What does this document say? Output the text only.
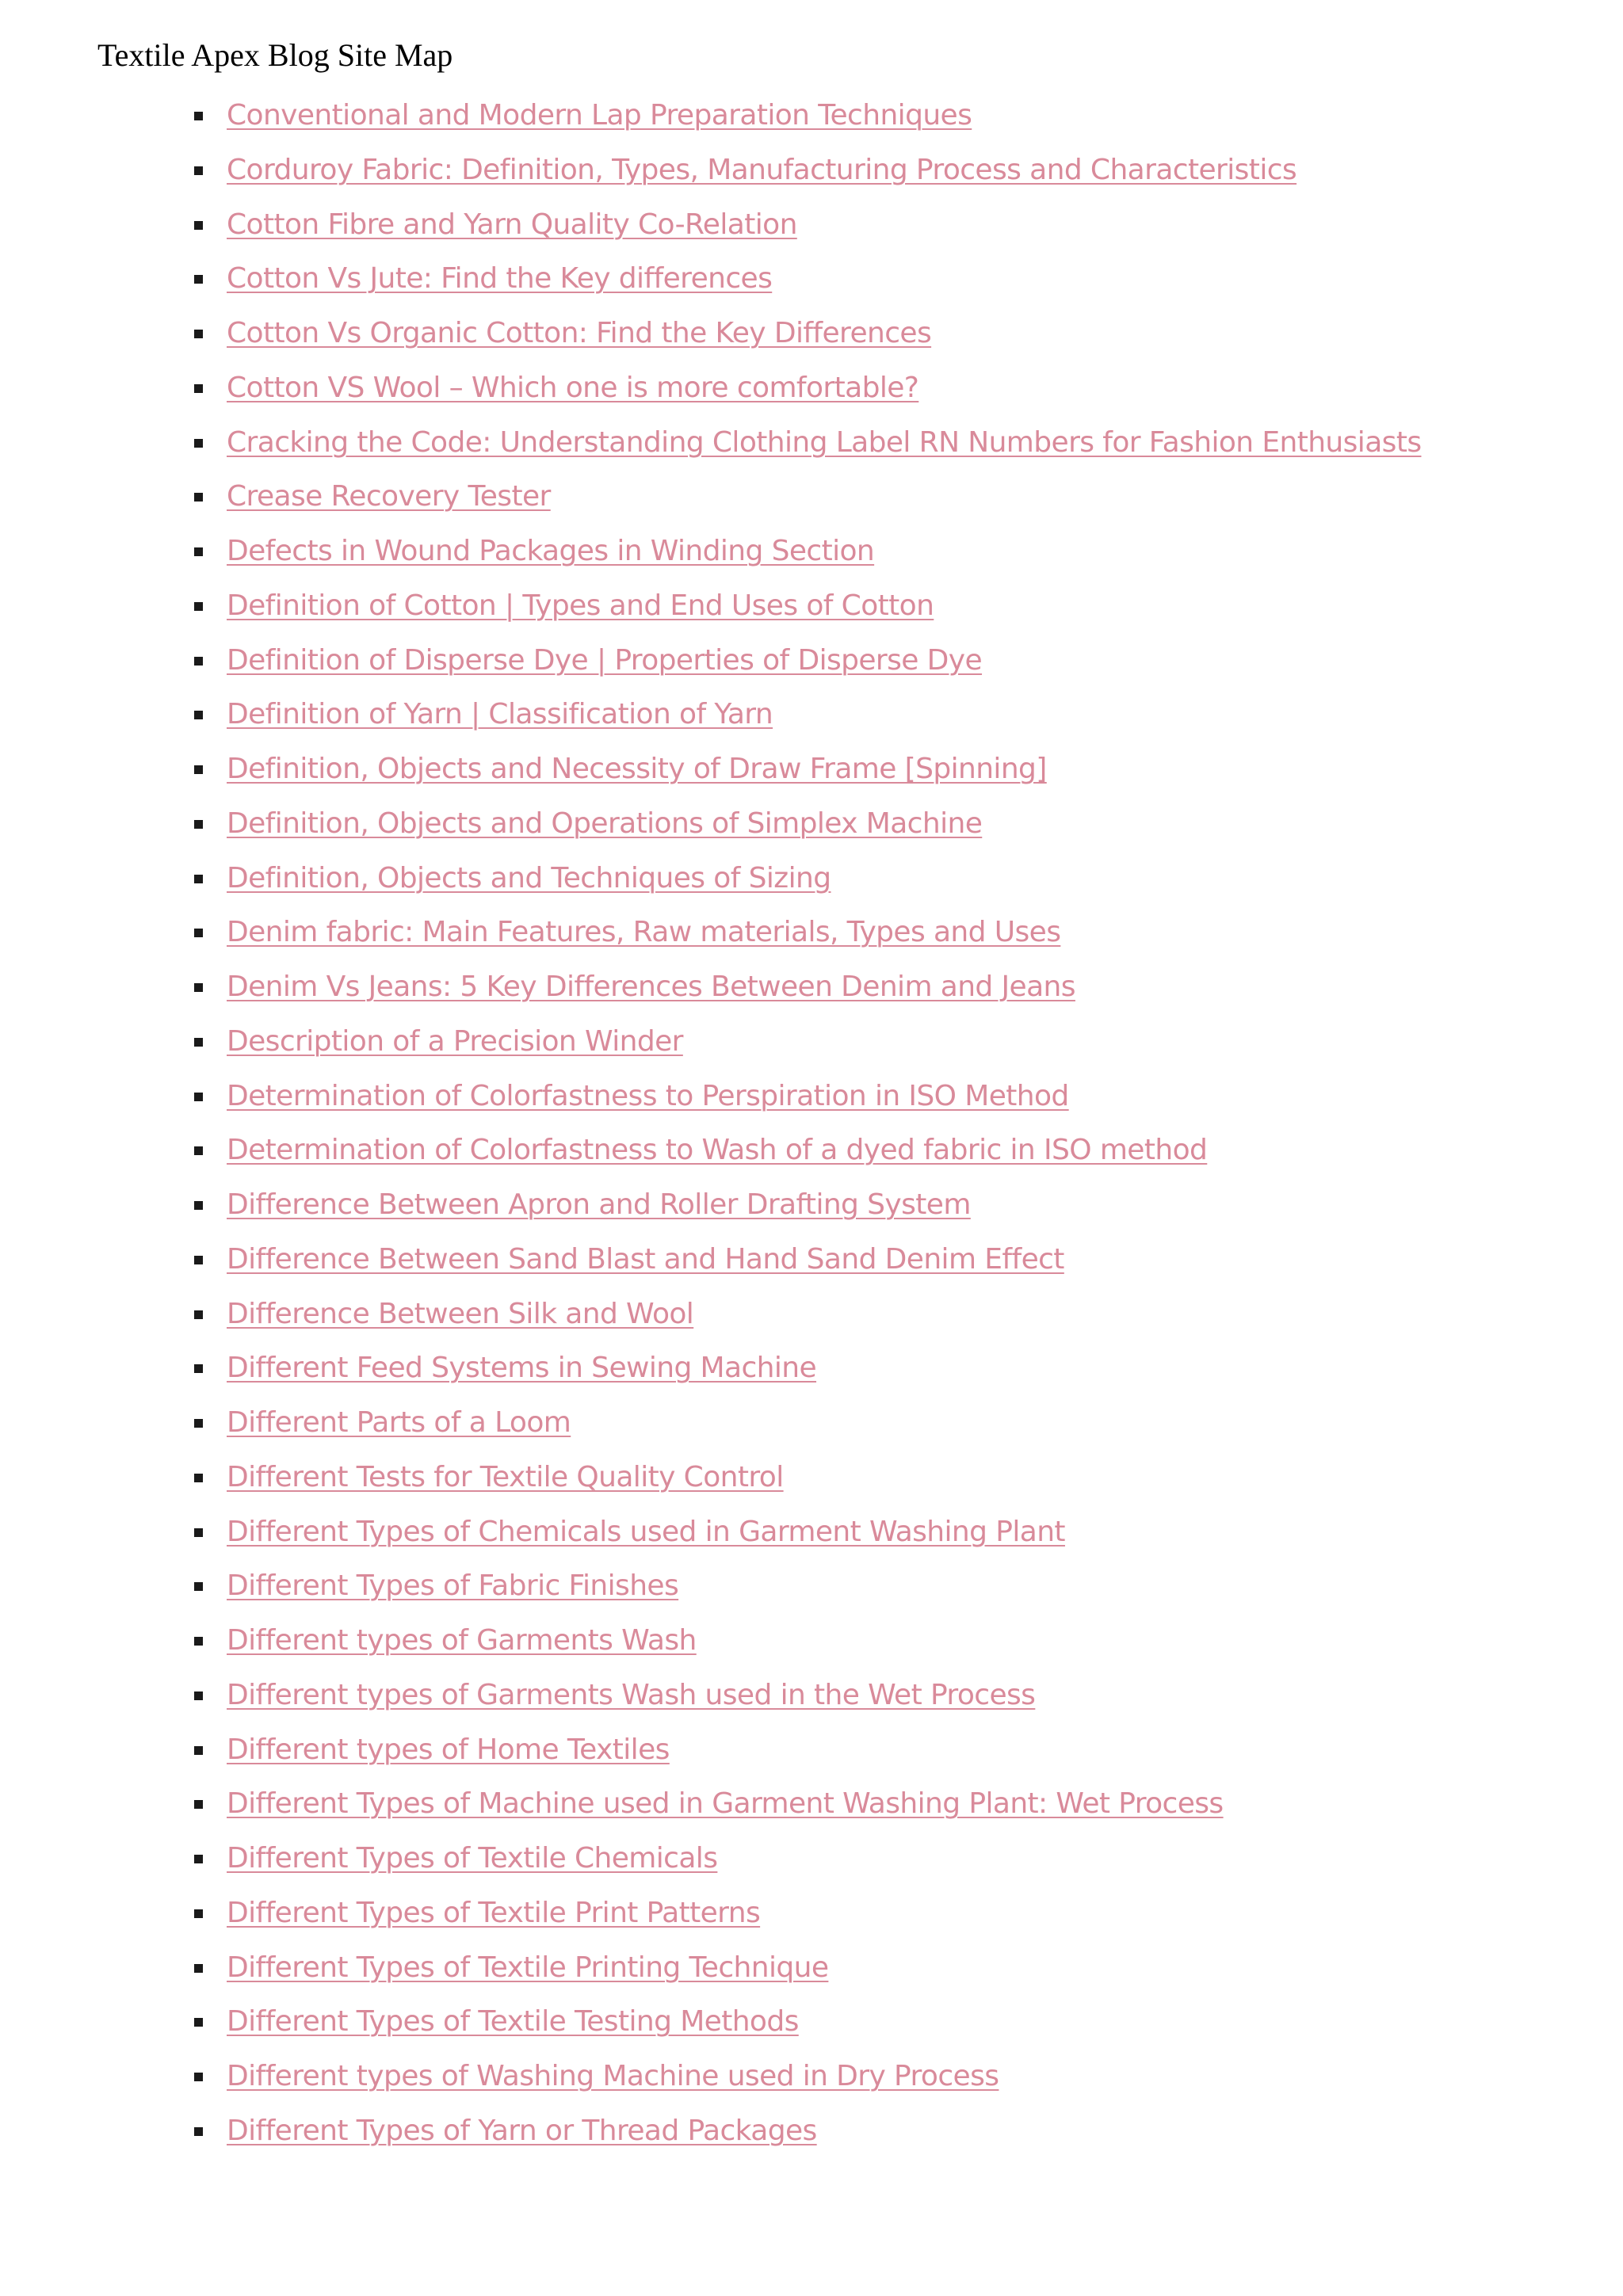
Textile Apex Blog Site Map
Conventional and Modern Lap Preparation Techniques
Corduroy Fabric: Definition, Types, Manufacturing Process and Characteristics
Cotton Fibre and Yarn Quality Co-Relation
Cotton Vs Jute: Find the Key differences
Cotton Vs Organic Cotton: Find the Key Differences
Cotton VS Wool – Which one is more comfortable?
Cracking the Code: Understanding Clothing Label RN Numbers for Fashion Enthusiasts
Crease Recovery Tester
Defects in Wound Packages in Winding Section
Definition of Cotton | Types and End Uses of Cotton
Definition of Disperse Dye | Properties of Disperse Dye
Definition of Yarn | Classification of Yarn
Definition, Objects and Necessity of Draw Frame [Spinning]
Definition, Objects and Operations of Simplex Machine
Definition, Objects and Techniques of Sizing
Denim fabric: Main Features, Raw materials, Types and Uses
Denim Vs Jeans: 5 Key Differences Between Denim and Jeans
Description of a Precision Winder
Determination of Colorfastness to Perspiration in ISO Method
Determination of Colorfastness to Wash of a dyed fabric in ISO method
Difference Between Apron and Roller Drafting System
Difference Between Sand Blast and Hand Sand Denim Effect
Difference Between Silk and Wool
Different Feed Systems in Sewing Machine
Different Parts of a Loom
Different Tests for Textile Quality Control
Different Types of Chemicals used in Garment Washing Plant
Different Types of Fabric Finishes
Different types of Garments Wash
Different types of Garments Wash used in the Wet Process
Different types of Home Textiles
Different Types of Machine used in Garment Washing Plant: Wet Process
Different Types of Textile Chemicals
Different Types of Textile Print Patterns
Different Types of Textile Printing Technique
Different Types of Textile Testing Methods
Different types of Washing Machine used in Dry Process
Different Types of Yarn or Thread Packages
